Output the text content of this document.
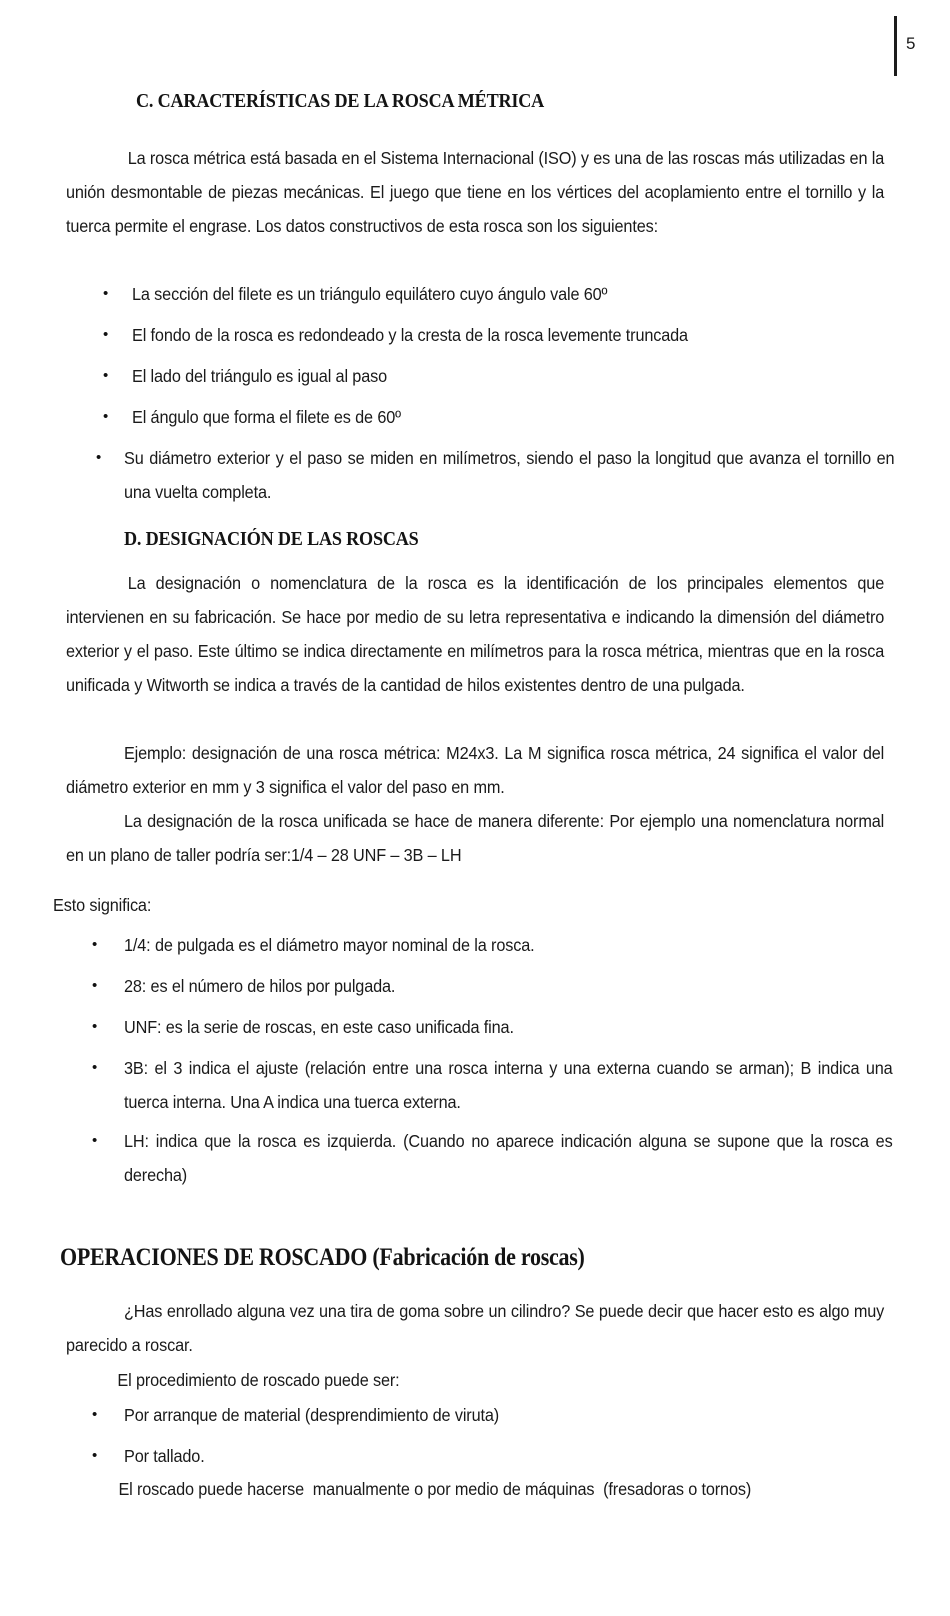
5
C. CARACTERÍSTICAS DE LA ROSCA MÉTRICA
La rosca métrica está basada en el Sistema Internacional (ISO) y es una de las roscas más utilizadas en la unión desmontable de piezas mecánicas. El juego que tiene en los vértices del acoplamiento entre el tornillo y la tuerca permite el engrase. Los datos constructivos de esta rosca son los siguientes:
•	La sección del filete es un triángulo equilátero cuyo ángulo vale 60º
•	El fondo de la rosca es redondeado y la cresta de la rosca levemente truncada
•	El lado del triángulo es igual al paso
•	El ángulo que forma el filete es de 60º
•	Su diámetro exterior y el paso se miden en milímetros, siendo el paso la longitud que avanza el tornillo en una vuelta completa.
D. DESIGNACIÓN DE LAS ROSCAS
La designación o nomenclatura de la rosca es la identificación de los principales elementos que intervienen en su fabricación. Se hace por medio de su letra representativa e indicando la dimensión del diámetro exterior y el paso. Este último se indica directamente en milímetros para la rosca métrica, mientras que en la rosca unificada y Witworth se indica a través de la cantidad de hilos existentes dentro de una pulgada.
Ejemplo: designación de una rosca métrica: M24x3. La M significa rosca métrica, 24 significa el valor del diámetro exterior en mm y 3 significa el valor del paso en mm.
La designación de la rosca unificada se hace de manera diferente: Por ejemplo una nomenclatura normal en un plano de taller podría ser:1/4 – 28 UNF – 3B – LH
Esto significa:
•	1/4: de pulgada es el diámetro mayor nominal de la rosca.
•	28: es el número de hilos por pulgada.
•	UNF: es la serie de roscas, en este caso unificada fina.
•	3B: el 3 indica el ajuste (relación entre una rosca interna y una externa cuando se arman); B indica una tuerca interna. Una A indica una tuerca externa.
•	LH: indica que la rosca es izquierda. (Cuando no aparece indicación alguna se supone que la rosca es derecha)
OPERACIONES DE ROSCADO (Fabricación de roscas)
¿Has enrollado alguna vez una tira de goma sobre un cilindro? Se puede decir que hacer esto es algo muy parecido a roscar.
El procedimiento de roscado puede ser:
•	Por arranque de material (desprendimiento de viruta)
•	Por tallado.
El roscado puede hacerse  manualmente o por medio de máquinas  (fresadoras o tornos)
